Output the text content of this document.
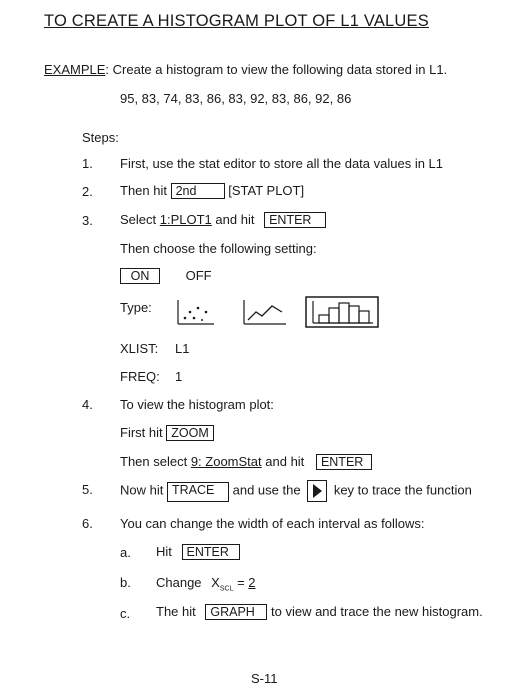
TO CREATE A HISTOGRAM PLOT OF L1 VALUES
EXAMPLE: Create a histogram to view the following data stored in L1.
95, 83, 74, 83, 86, 83, 92, 83, 86, 92, 86
Steps:
1. First, use the stat editor to store all the data values in L1
2. Then hit 2nd [STAT PLOT]
3. Select 1:PLOT1 and hit ENTER
Then choose the following setting:
ON	OFF
Type:
XLIST: L1
FREQ: 1
4. To view the histogram plot:
First hit ZOOM
Then select 9: ZoomStat and hit ENTER
5. Now hit TRACE and use the	key to trace the function
6. You can change the width of each interval as follows:
a. Hit ENTER
b. Change $X_{SCL} = 2$
c. The hit GRAPH to view and trace the new histogram.
S-11
